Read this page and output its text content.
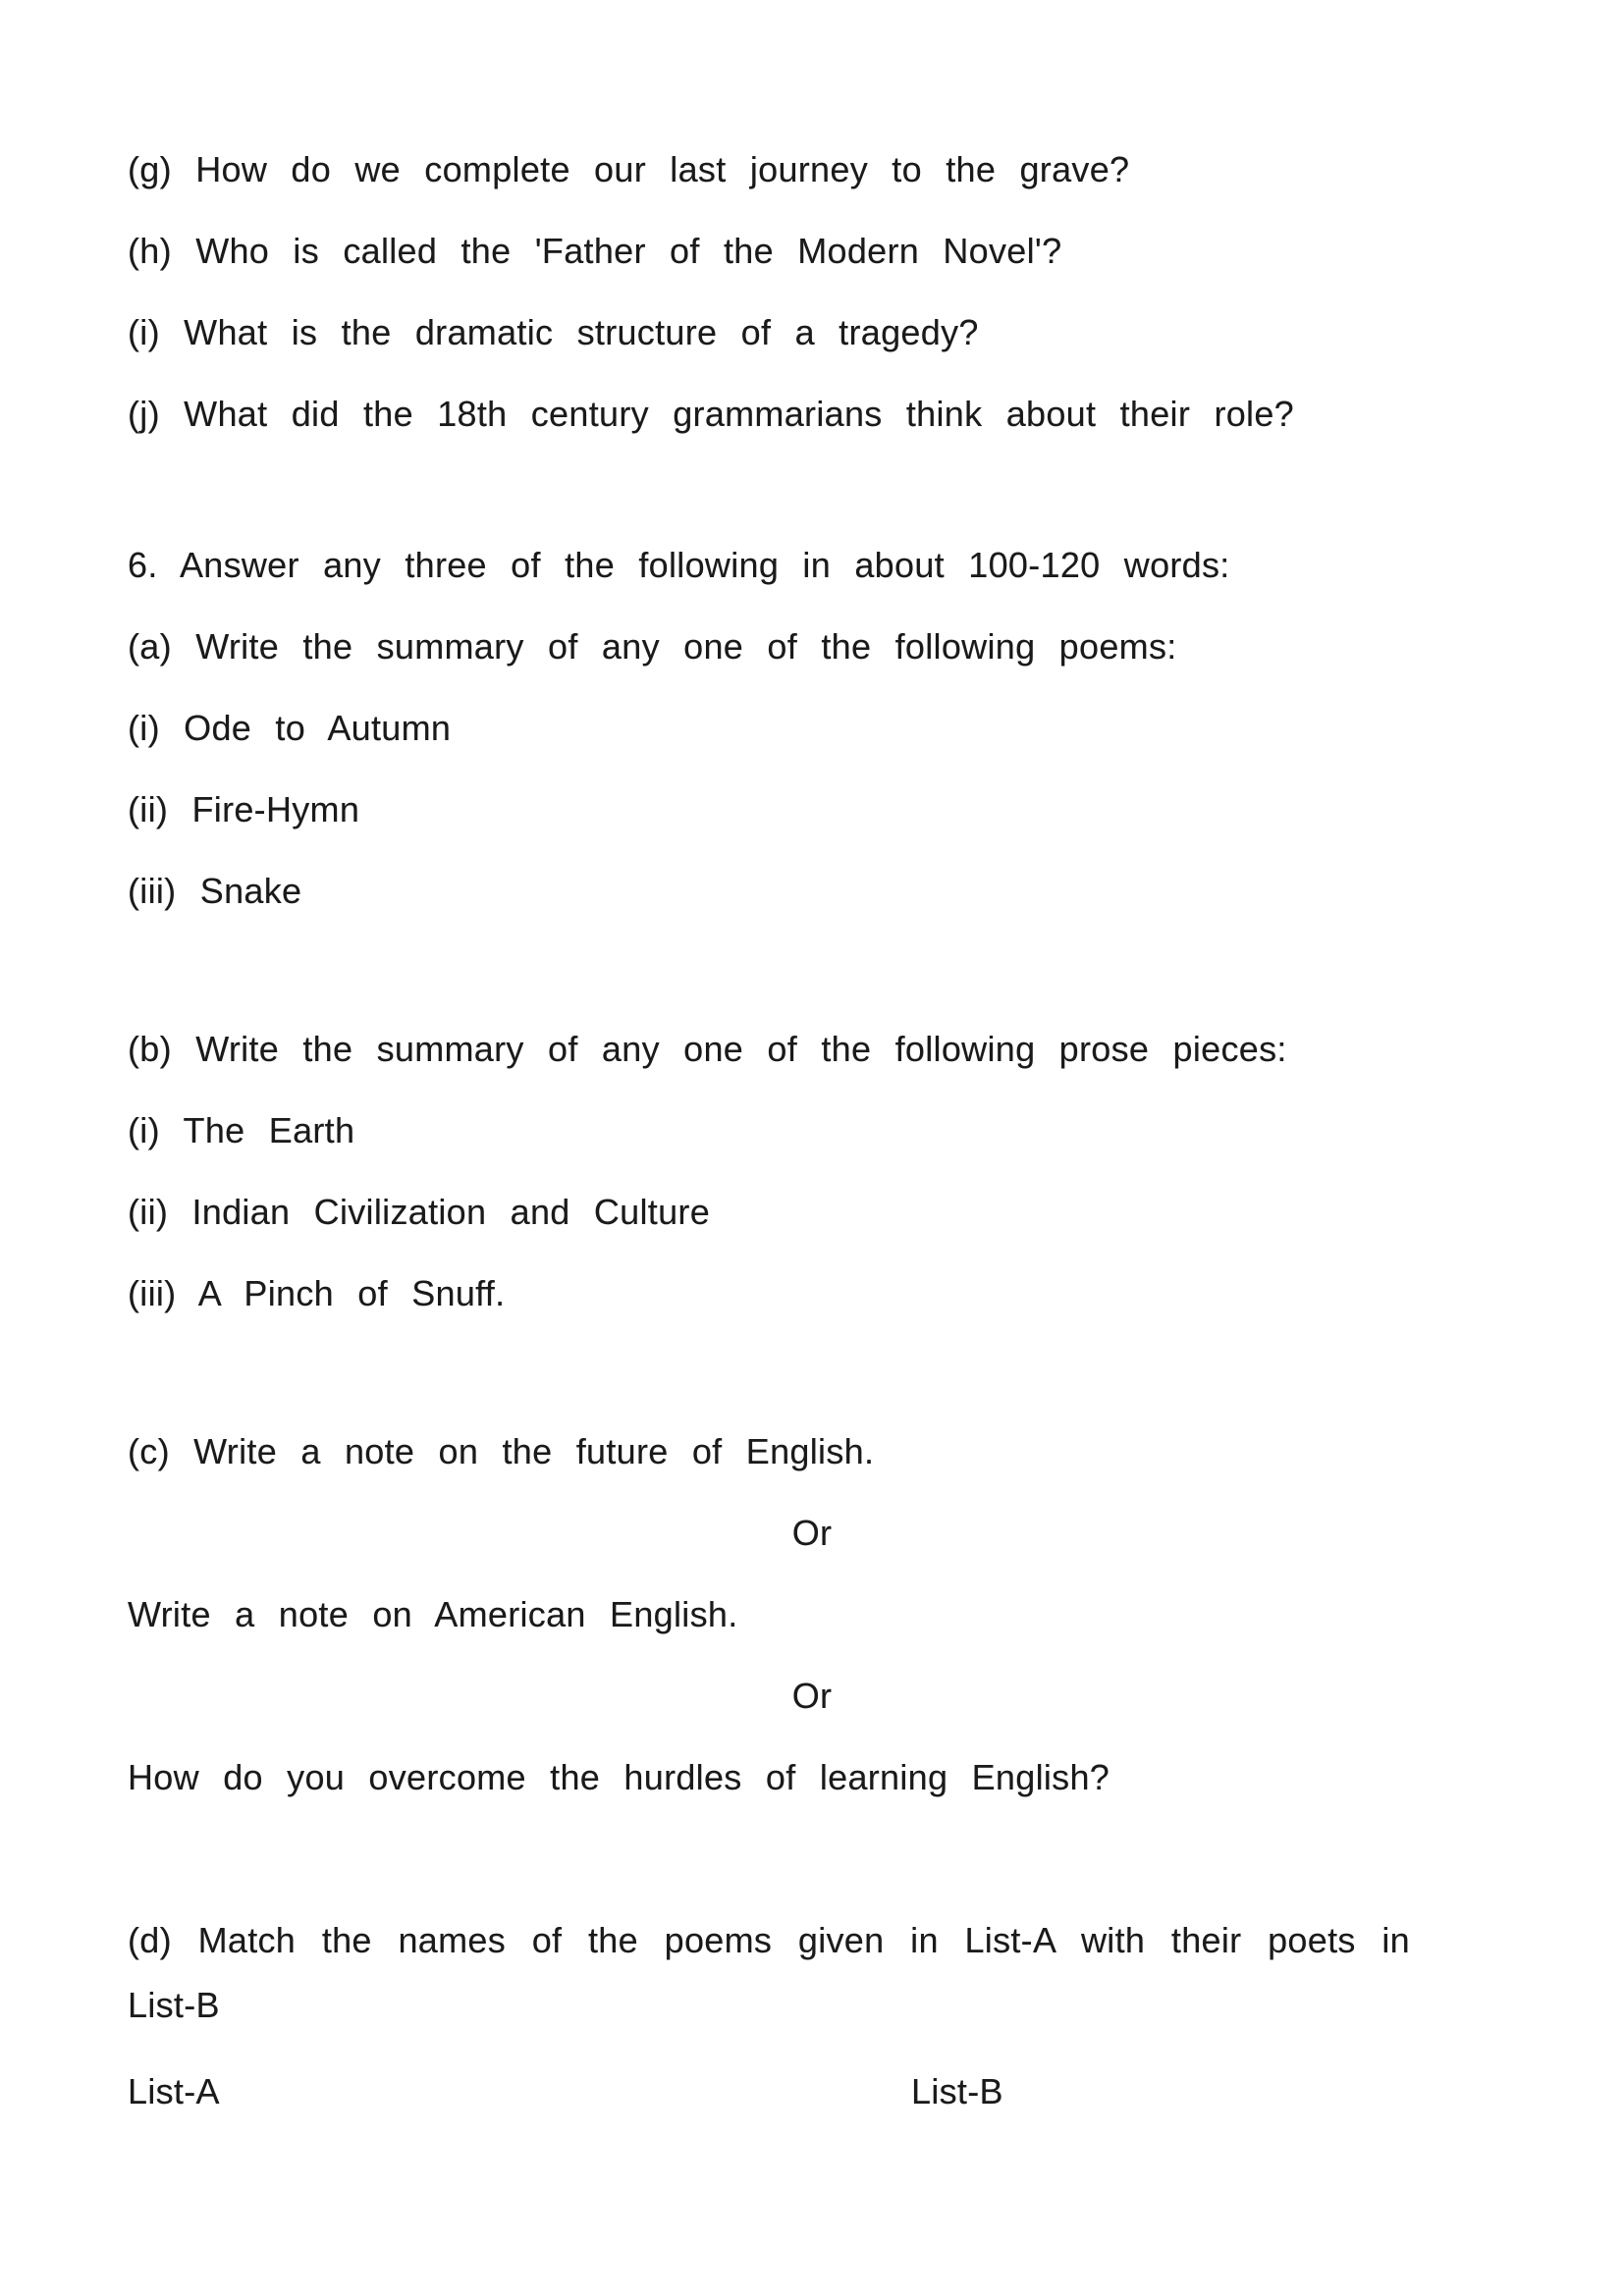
(g) How do we complete our last journey to the grave?
(h) Who is called the 'Father of the Modern Novel'?
(i) What is the dramatic structure of a tragedy?
(j) What did the 18th century grammarians think about their role?
6. Answer any three of the following in about 100-120 words:
(a) Write the summary of any one of the following poems:
(i) Ode to Autumn
(ii) Fire-Hymn
(iii) Snake
(b) Write the summary of any one of the following prose pieces:
(i) The Earth
(ii) Indian Civilization and Culture
(iii) A Pinch of Snuff.
(c) Write a note on the future of English.
Or
Write a note on American English.
Or
How do you overcome the hurdles of learning English?
(d) Match the names of the poems given in List-A with their poets in
List-B
List-A	List-B
